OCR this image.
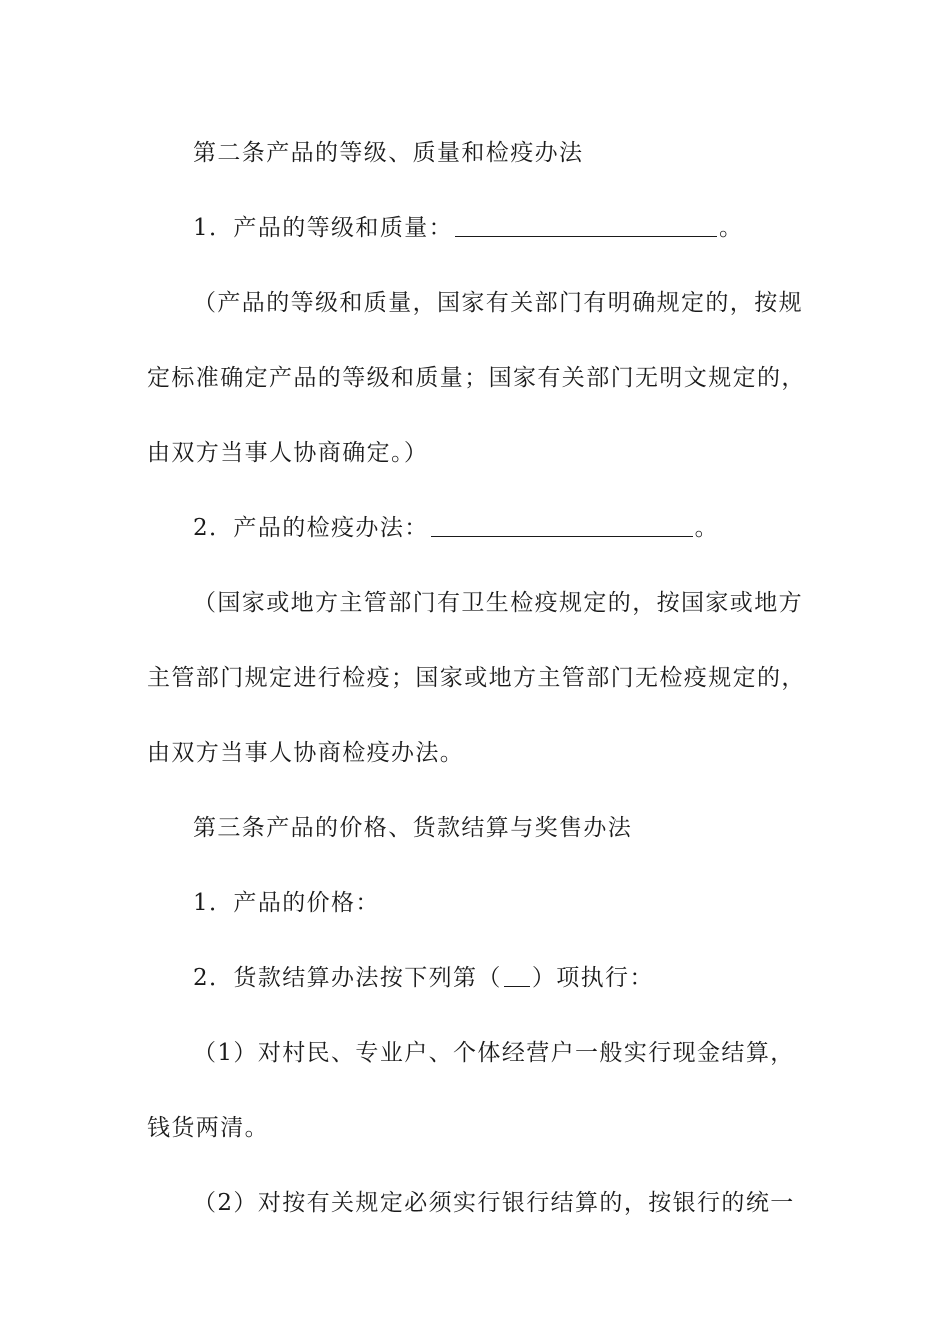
第二条产品的等级、质量和检疫办法
1．产品的等级和质量：	。
（产品的等级和质量，国家有关部门有明确规定的，按规
定标准确定产品的等级和质量；国家有关部门无明文规定的，
由双方当事人协商确定。）
2．产品的检疫办法：	。
（国家或地方主管部门有卫生检疫规定的，按国家或地方
主管部门规定进行检疫；国家或地方主管部门无检疫规定的，
由双方当事人协商检疫办法。
第三条产品的价格、货款结算与奖售办法
1．产品的价格：
2．货款结算办法按下列第（ ）项执行：
（1）对村民、专业户、个体经营户一般实行现金结算，
钱货两清。
（2）对按有关规定必须实行银行结算的，按银行的统一
